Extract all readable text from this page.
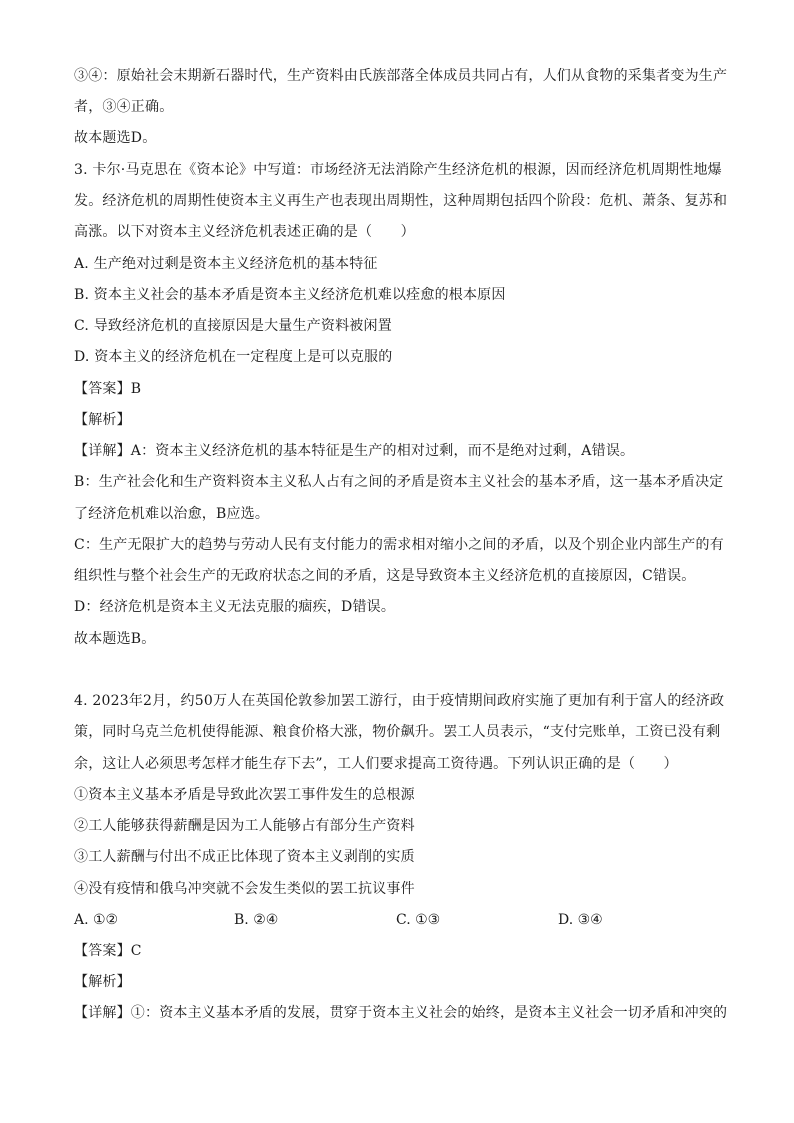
③④：原始社会末期新石器时代，生产资料由氏族部落全体成员共同占有，人们从食物的采集者变为生产
者，③④正确。
故本题选D。
3. 卡尔·马克思在《资本论》中写道：市场经济无法消除产生经济危机的根源，因而经济危机周期性地爆
发。经济危机的周期性使资本主义再生产也表现出周期性，这种周期包括四个阶段：危机、萧条、复苏和
高涨。以下对资本主义经济危机表述正确的是（　　）
A. 生产绝对过剩是资本主义经济危机的基本特征
B. 资本主义社会的基本矛盾是资本主义经济危机难以痊愈的根本原因
C. 导致经济危机的直接原因是大量生产资料被闲置
D. 资本主义的经济危机在一定程度上是可以克服的
【答案】B
【解析】
【详解】A：资本主义经济危机的基本特征是生产的相对过剩，而不是绝对过剩，A错误。
B：生产社会化和生产资料资本主义私人占有之间的矛盾是资本主义社会的基本矛盾，这一基本矛盾决定
了经济危机难以治愈，B应选。
C：生产无限扩大的趋势与劳动人民有支付能力的需求相对缩小之间的矛盾，以及个别企业内部生产的有
组织性与整个社会生产的无政府状态之间的矛盾，这是导致资本主义经济危机的直接原因，C错误。
D：经济危机是资本主义无法克服的痼疾，D错误。
故本题选B。
4. 2023年2月，约50万人在英国伦敦参加罢工游行，由于疫情期间政府实施了更加有利于富人的经济政
策，同时乌克兰危机使得能源、粮食价格大涨，物价飙升。罢工人员表示，“支付完账单，工资已没有剩
余，这让人必须思考怎样才能生存下去”，工人们要求提高工资待遇。下列认识正确的是（　　）
①资本主义基本矛盾是导致此次罢工事件发生的总根源
②工人能够获得薪酬是因为工人能够占有部分生产资料
③工人薪酬与付出不成正比体现了资本主义剥削的实质
④没有疫情和俄乌冲突就不会发生类似的罢工抗议事件
A. ①②	B. ②④	C. ①③	D. ③④
【答案】C
【解析】
【详解】①：资本主义基本矛盾的发展，贯穿于资本主义社会的始终，是资本主义社会一切矛盾和冲突的
